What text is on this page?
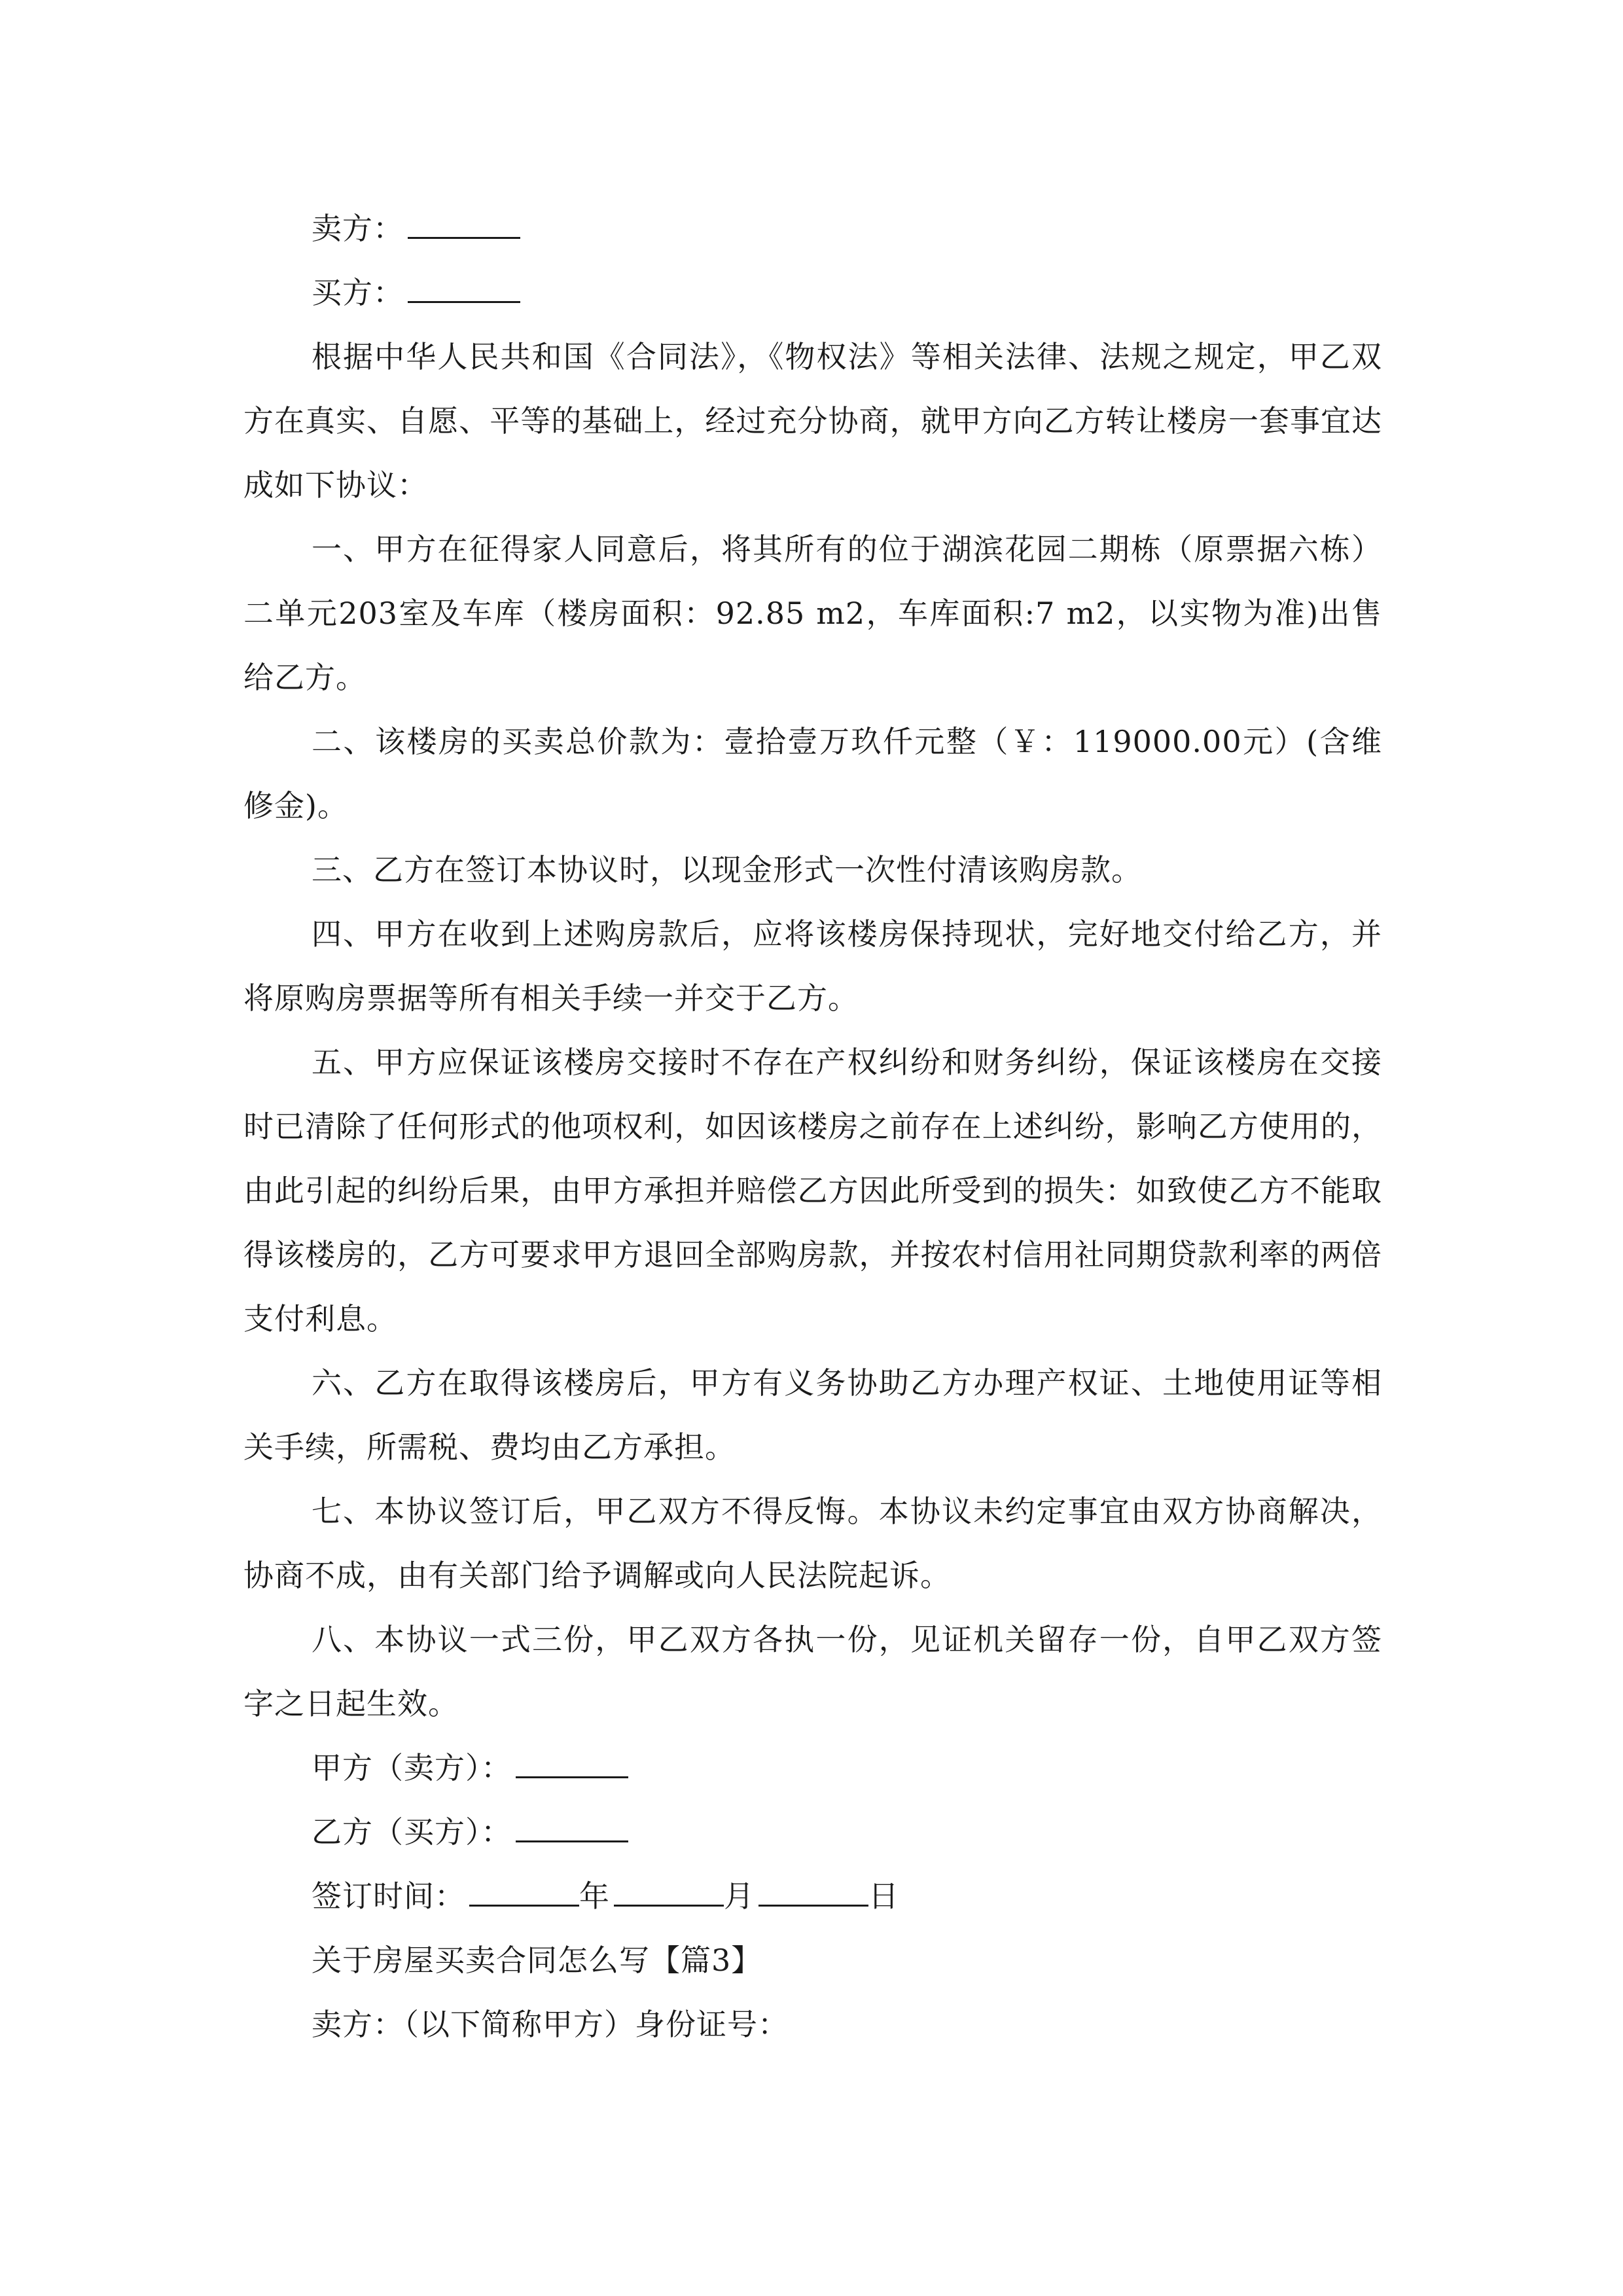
卖方：

买方：

根据中华人民共和国《合同法》，《物权法》等相关法律、法规之规定，甲乙双方在真实、自愿、平等的基础上，经过充分协商，就甲方向乙方转让楼房一套事宜达成如下协议：

一、甲方在征得家人同意后，将其所有的位于湖滨花园二期栋（原票据六栋）二单元203室及车库（楼房面积：92.85 m2，车库面积:7 m2，以实物为准)出售给乙方。

二、该楼房的买卖总价款为：壹拾壹万玖仟元整（￥：119000.00元）(含维修金)。

三、乙方在签订本协议时，以现金形式一次性付清该购房款。

四、甲方在收到上述购房款后，应将该楼房保持现状，完好地交付给乙方，并将原购房票据等所有相关手续一并交于乙方。

五、甲方应保证该楼房交接时不存在产权纠纷和财务纠纷，保证该楼房在交接时已清除了任何形式的他项权利，如因该楼房之前存在上述纠纷，影响乙方使用的，由此引起的纠纷后果，由甲方承担并赔偿乙方因此所受到的损失：如致使乙方不能取得该楼房的，乙方可要求甲方退回全部购房款，并按农村信用社同期贷款利率的两倍支付利息。

六、乙方在取得该楼房后，甲方有义务协助乙方办理产权证、土地使用证等相关手续，所需税、费均由乙方承担。

七、本协议签订后，甲乙双方不得反悔。本协议未约定事宜由双方协商解决，协商不成，由有关部门给予调解或向人民法院起诉。

八、本协议一式三份，甲乙双方各执一份，见证机关留存一份，自甲乙双方签字之日起生效。

甲方（卖方）：

乙方（买方）：

签订时间：	年	月	日

关于房屋买卖合同怎么写【篇3】

卖方：（以下简称甲方）身份证号：
